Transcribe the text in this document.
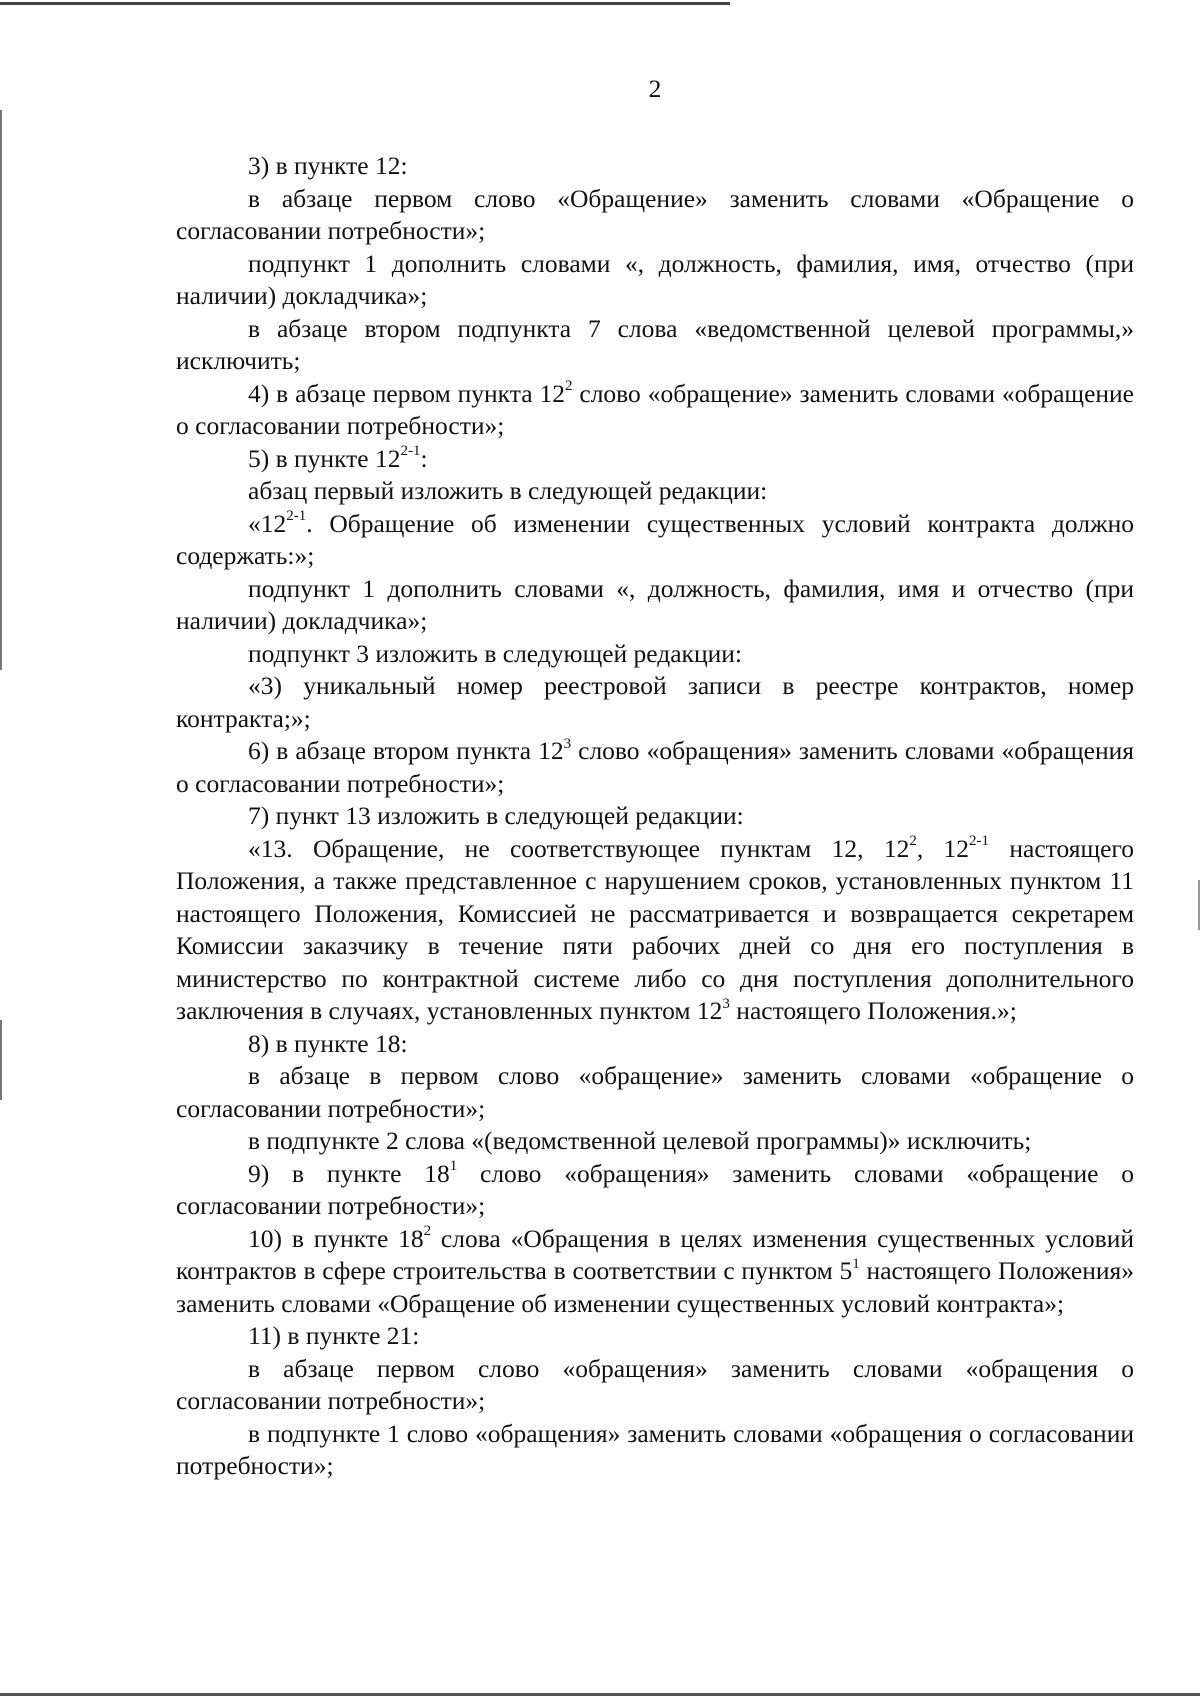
2

3) в пункте 12:

в абзаце первом слово «Обращение» заменить словами «Обращение о согласовании потребности»;

подпункт 1 дополнить словами «, должность, фамилия, имя, отчество (при наличии) докладчика»;

в абзаце втором подпункта 7 слова «ведомственной целевой программы,» исключить;

4) в абзаце первом пункта $12^2$ слово «обращение» заменить словами «обращение о согласовании потребности»;

5) в пункте 12$^{2-1}$:

абзац первый изложить в следующей редакции:

«12$^{2-1}$. Обращение об изменении существенных условий контракта должно содержать:»;

подпункт 1 дополнить словами «, должность, фамилия, имя и отчество (при наличии) докладчика»;

подпункт 3 изложить в следующей редакции:

«3) уникальный номер реестровой записи в реестре контрактов, номер контракта;»;

6) в абзаце втором пункта $12^3$ слово «обращения» заменить словами «обращения о согласовании потребности»;

7) пункт 13 изложить в следующей редакции:

«13. Обращение, не соответствующее пунктам 12, $12^2$, 12$^{2-1}$ настоящего Положения, а также представленное с нарушением сроков, установленных пунктом 11 настоящего Положения, Комиссией не рассматривается и возвращается секретарем Комиссии заказчику в течение пяти рабочих дней со дня его поступления в министерство по контрактной системе либо со дня поступления дополнительного заключения в случаях, установленных пунктом $12^3$ настоящего Положения.»;

8) в пункте 18:

в абзаце в первом слово «обращение» заменить словами «обращение о согласовании потребности»;

в подпункте 2 слова «(ведомственной целевой программы)» исключить;

9) в пункте $18^1$ слово «обращения» заменить словами «обращение о согласовании потребности»;

10) в пункте $18^2$ слова «Обращения в целях изменения существенных условий контрактов в сфере строительства в соответствии с пунктом $5^1$ настоящего Положения» заменить словами «Обращение об изменении существенных условий контракта»;

11) в пункте 21:

в абзаце первом слово «обращения» заменить словами «обращения о согласовании потребности»;

в подпункте 1 слово «обращения» заменить словами «обращения о согласовании потребности»;
